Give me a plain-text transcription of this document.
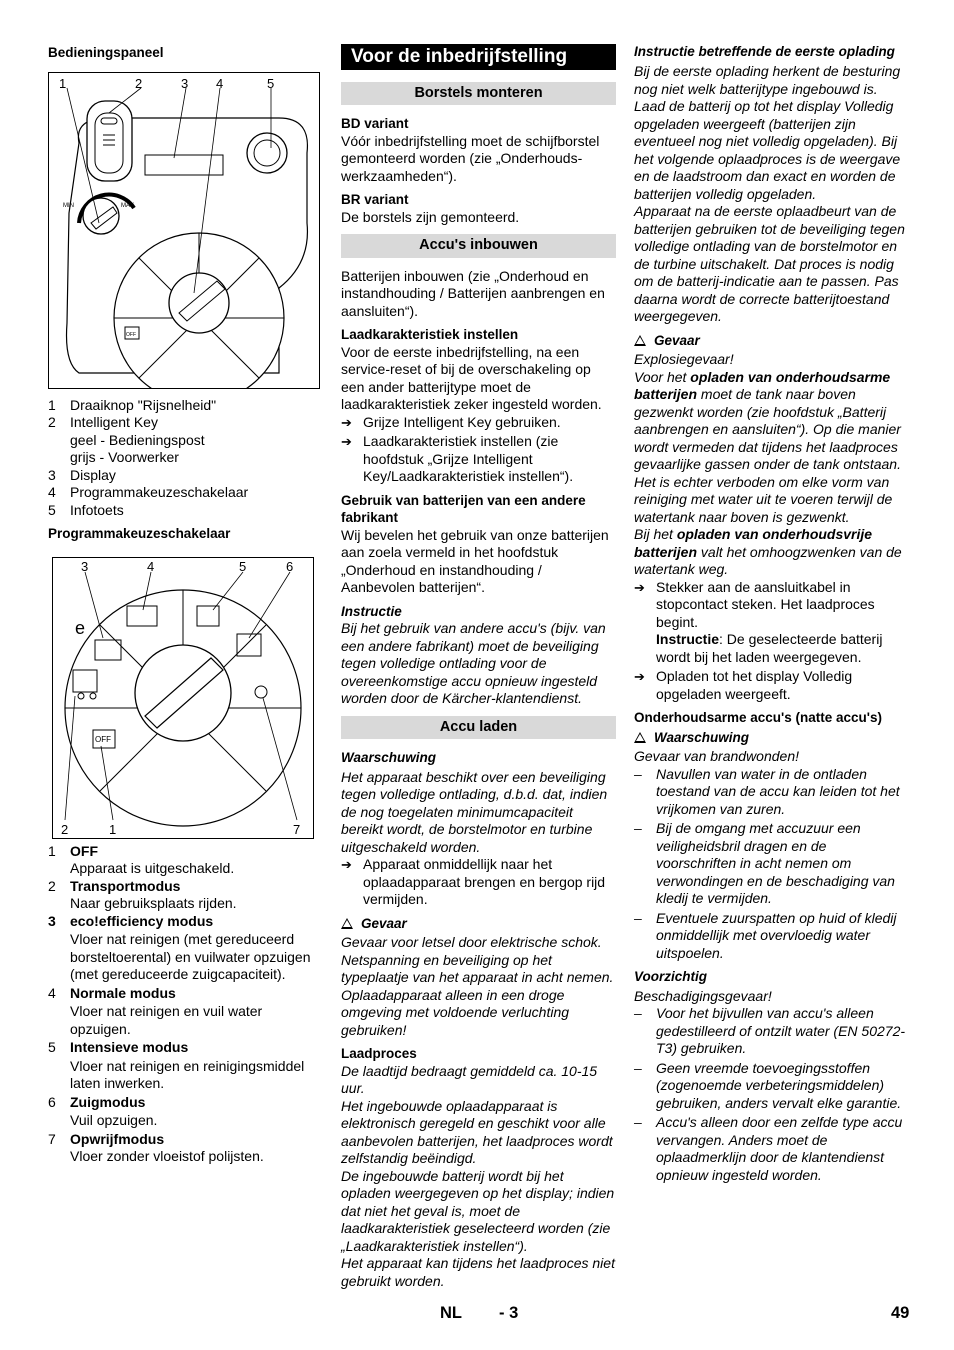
Bedieningspaneel

1	2	3 4	5
MIN	MAX
OFF
1	Draaiknop "Rijsnelheid"
2	Intelligent Key
geel - Bedieningspost
grijs - Voorwerker
3	Display
4	Programmakeuzeschakelaar
5	Infotoets

Programmakeuzeschakelaar

3	4	5	6
2	1	7
OFF
e
1	OFF
Apparaat is uitgeschakeld.
2	Transportmodus
Naar gebruiksplaats rijden.
3	eco!efficiency modus
Vloer nat reinigen (met gereduceerd borsteltoerental) en vuilwater opzuigen (met gereduceerde zuigcapaciteit).
4	Normale modus
Vloer nat reinigen en vuil water opzuigen.
5	Intensieve modus
Vloer nat reinigen en reinigingsmiddel laten inwerken.
6	Zuigmodus
Vuil opzuigen.
7	Opwrijfmodus
Vloer zonder vloeistof polijsten.
Voor de inbedrijfstelling
Borstels monteren

BD variant

Vóór inbedrijfstelling moet de schijfborstel gemonteerd worden (zie „Onderhouds-werkzaamheden“).

BR variant

De borstels zijn gemonteerd.

Accu's inbouwen

Batterijen inbouwen (zie „Onderhoud en instandhouding / Batterijen aanbrengen en aansluiten“).

Laadkarakteristiek instellen

Voor de eerste inbedrijfstelling, na een service-reset of bij de overschakeling op een ander batterijtype moet de laadkarakteristiek zeker ingesteld worden.

➔ Grijze Intelligent Key gebruiken.
➔ Laadkarakteristiek instellen (zie hoofdstuk „Grijze Intelligent Key/Laadkarakteristiek instellen“).

Gebruik van batterijen van een andere fabrikant

Wij bevelen het gebruik van onze batterijen aan zoela vermeld in het hoofdstuk „Onderhoud en instandhouding / Aanbevolen batterijen“.

Instructie

Bij het gebruik van andere accu's (bijv. van een andere fabrikant) moet de beveiliging tegen volledige ontlading voor de overeenkomstige accu opnieuw ingesteld worden door de Kärcher-klantendienst.

Accu laden

Waarschuwing

Het apparaat beschikt over een beveiliging tegen volledige ontlading, d.b.d. dat, indien de nog toegelaten minimumcapaciteit bereikt wordt, de borstelmotor en turbine uitgeschakeld worden.

➔ Apparaat onmiddellijk naar het oplaadapparaat brengen en bergop rijd vermijden.

Gevaar

Gevaar voor letsel door elektrische schok. Netspanning en beveiliging op het typeplaatje van het apparaat in acht nemen. Oplaadapparaat alleen in een droge omgeving met voldoende verluchting gebruiken!

Laadproces

De laadtijd bedraagt gemiddeld ca. 10-15 uur.
Het ingebouwde oplaadapparaat is elektronisch geregeld en geschikt voor alle aanbevolen batterijen, het laadproces wordt zelfstandig beëindigd.
De ingebouwde batterij wordt bij het opladen weergegeven op het display; indien dat niet het geval is, moet de laadkarakteristiek geselecteerd worden (zie „Laadkarakteristiek instellen“).
Het apparaat kan tijdens het laadproces niet gebruikt worden.

Instructie betreffende de eerste oplading

Bij de eerste oplading herkent de besturing nog niet welk batterijtype ingebouwd is. Laad de batterij op tot het display Volledig opgeladen weergeeft (batterijen zijn eventueel nog niet volledig opgeladen). Bij het volgende oplaadproces is de weergave en de laadstroom dan exact en worden de batterijen volledig opgeladen.
Apparaat na de eerste oplaadbeurt van de batterijen gebruiken tot de beveiliging tegen volledige ontlading van de borstelmotor en de turbine uitschakelt. Dat proces is nodig om de batterij-indicatie aan te passen. Pas daarna wordt de correcte batterijtoestand weergegeven.

Gevaar

Explosiegevaar!

Voor het opladen van onderhoudsarme batterijen moet de tank naar boven gezwenkt worden (zie hoofdstuk „Batterij aanbrengen en aansluiten“). Op die manier wordt vermeden dat tijdens het laadproces gevaarlijke gassen onder de tank ontstaan. Het is echter verboden om elke vorm van reiniging met water uit te voeren terwijl de watertank naar boven is gezwenkt.

Bij het opladen van onderhoudsvrije batterijen valt het omhoogzwenken van de watertank weg.

➔ Stekker aan de aansluitkabel in stopcontact steken. Het laadproces begint.
Instructie: De geselecteerde batterij wordt bij het laden weergegeven.
➔ Opladen tot het display Volledig opgeladen weergeeft.

Onderhoudsarme accu's (natte accu's)

Waarschuwing

Gevaar van brandwonden!

–	Navullen van water in de ontladen toestand van de accu kan leiden tot het vrijkomen van zuren.
–	Bij de omgang met accuzuur een veiligheidsbril dragen en de voorschriften in acht nemen om verwondingen en de beschadiging van kledij te vermijden.
–	Eventuele zuurspatten op huid of kledij onmiddellijk met overvloedig water uitspoelen.

Voorzichtig

Beschadigingsgevaar!

–	Voor het bijvullen van accu's alleen gedestilleerd of ontzilt water (EN 50272-T3) gebruiken.
–	Geen vreemde toevoegingsstoffen (zogenoemde verbeteringsmiddelen) gebruiken, anders vervalt elke garantie.
–	Accu's alleen door een zelfde type accu vervangen. Anders moet de oplaadmerklijn door de klantendienst opnieuw ingesteld worden.
NL - 3	49
